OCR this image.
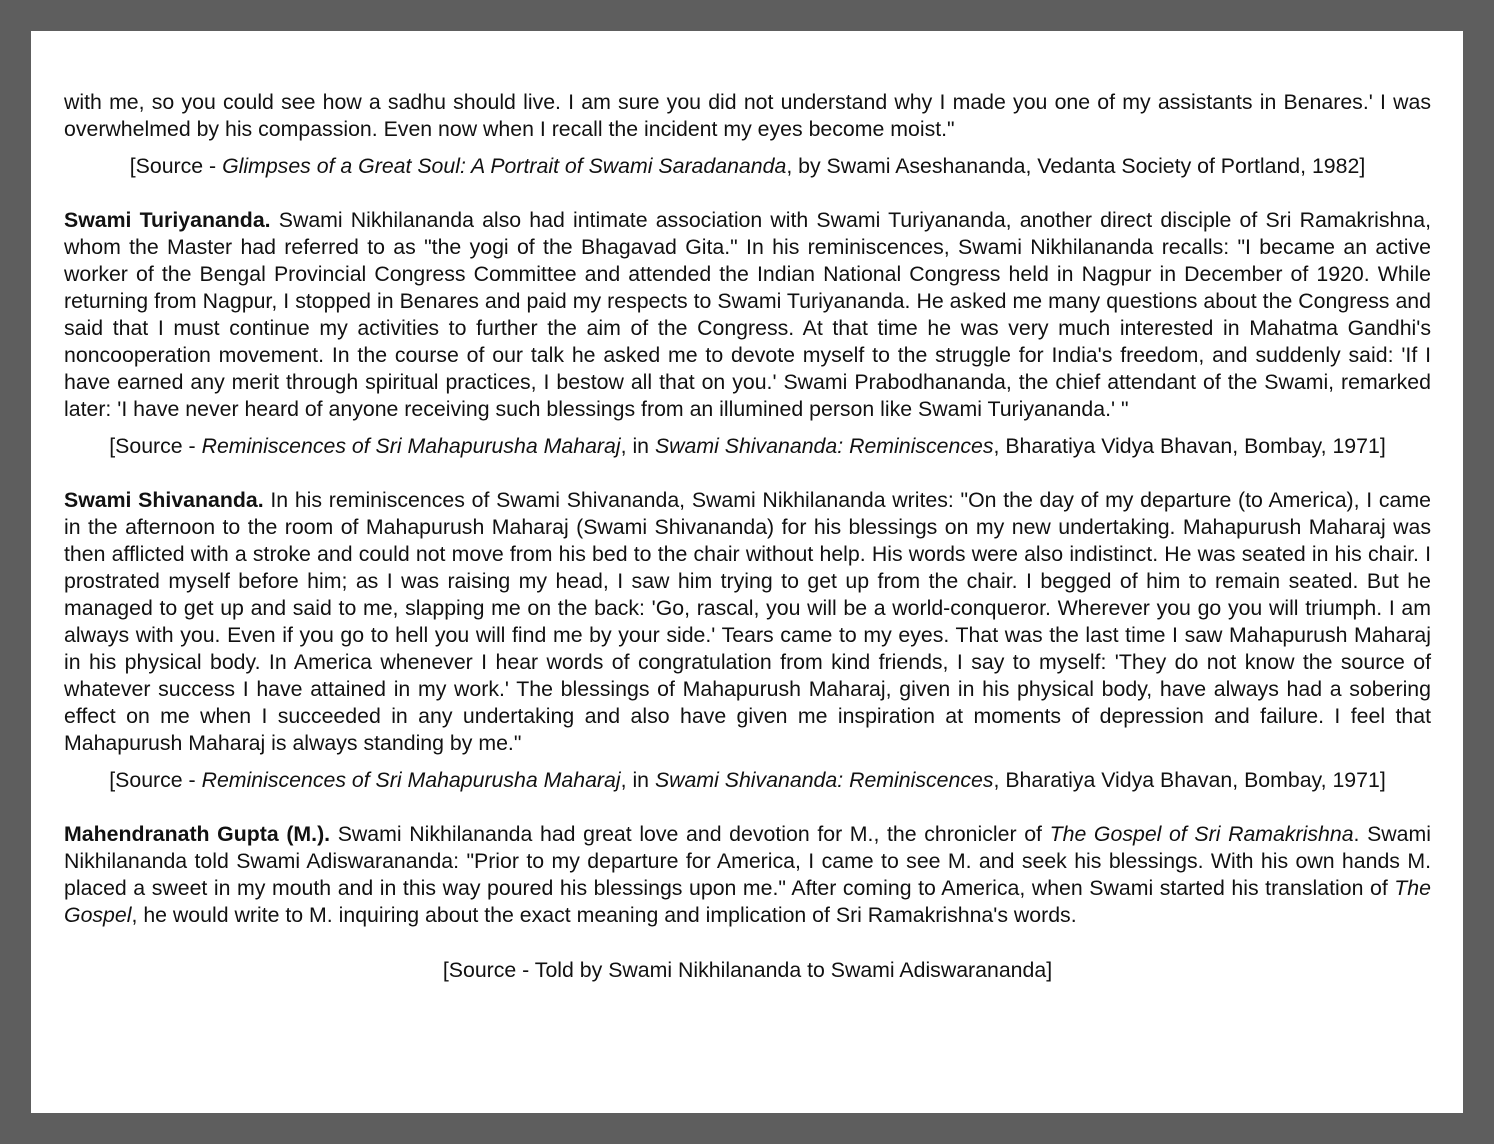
with me, so you could see how a sadhu should live. I am sure you did not understand why I made you one of my assistants in Benares.' I was overwhelmed by his compassion. Even now when I recall the incident my eyes become moist."

[Source - Glimpses of a Great Soul: A Portrait of Swami Saradananda, by Swami Aseshananda, Vedanta Society of Portland, 1982]

Swami Turiyananda. Swami Nikhilananda also had intimate association with Swami Turiyananda, another direct disciple of Sri Ramakrishna, whom the Master had referred to as "the yogi of the Bhagavad Gita." In his reminiscences, Swami Nikhilananda recalls: "I became an active worker of the Bengal Provincial Congress Committee and attended the Indian National Congress held in Nagpur in December of 1920. While returning from Nagpur, I stopped in Benares and paid my respects to Swami Turiyananda. He asked me many questions about the Congress and said that I must continue my activities to further the aim of the Congress. At that time he was very much interested in Mahatma Gandhi's noncooperation movement. In the course of our talk he asked me to devote myself to the struggle for India's freedom, and suddenly said: 'If I have earned any merit through spiritual practices, I bestow all that on you.' Swami Prabodhananda, the chief attendant of the Swami, remarked later: 'I have never heard of anyone receiving such blessings from an illumined person like Swami Turiyananda.' "

[Source - Reminiscences of Sri Mahapurusha Maharaj, in Swami Shivananda: Reminiscences, Bharatiya Vidya Bhavan, Bombay, 1971]

Swami Shivananda. In his reminiscences of Swami Shivananda, Swami Nikhilananda writes: "On the day of my departure (to America), I came in the afternoon to the room of Mahapurush Maharaj (Swami Shivananda) for his blessings on my new undertaking. Mahapurush Maharaj was then afflicted with a stroke and could not move from his bed to the chair without help. His words were also indistinct. He was seated in his chair. I prostrated myself before him; as I was raising my head, I saw him trying to get up from the chair. I begged of him to remain seated. But he managed to get up and said to me, slapping me on the back: 'Go, rascal, you will be a world-conqueror. Wherever you go you will triumph. I am always with you. Even if you go to hell you will find me by your side.' Tears came to my eyes. That was the last time I saw Mahapurush Maharaj in his physical body. In America whenever I hear words of congratulation from kind friends, I say to myself: 'They do not know the source of whatever success I have attained in my work.' The blessings of Mahapurush Maharaj, given in his physical body, have always had a sobering effect on me when I succeeded in any undertaking and also have given me inspiration at moments of depression and failure. I feel that Mahapurush Maharaj is always standing by me."

[Source - Reminiscences of Sri Mahapurusha Maharaj, in Swami Shivananda: Reminiscences, Bharatiya Vidya Bhavan, Bombay, 1971]

Mahendranath Gupta (M.). Swami Nikhilananda had great love and devotion for M., the chronicler of The Gospel of Sri Ramakrishna. Swami Nikhilananda told Swami Adiswarananda: "Prior to my departure for America, I came to see M. and seek his blessings. With his own hands M. placed a sweet in my mouth and in this way poured his blessings upon me." After coming to America, when Swami started his translation of The Gospel, he would write to M. inquiring about the exact meaning and implication of Sri Ramakrishna's words.

[Source - Told by Swami Nikhilananda to Swami Adiswarananda]
